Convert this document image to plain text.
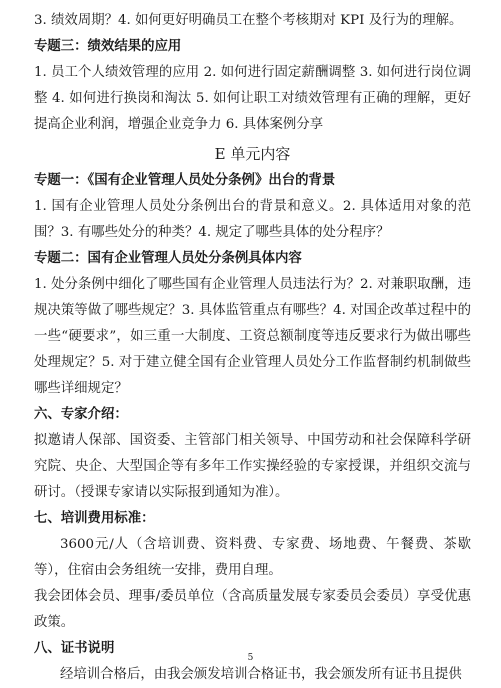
3. 绩效周期？4. 如何更好明确员工在整个考核期对 KPI 及行为的理解。

专题三：绩效结果的应用

1. 员工个人绩效管理的应用 2. 如何进行固定薪酬调整 3. 如何进行岗位调整 4. 如何进行换岗和淘汰 5. 如何让职工对绩效管理有正确的理解，更好提高企业利润，增强企业竞争力 6. 具体案例分享

E 单元内容

专题一：《国有企业管理人员处分条例》出台的背景

1. 国有企业管理人员处分条例出台的背景和意义。2. 具体适用对象的范围？3. 有哪些处分的种类？4. 规定了哪些具体的处分程序？

专题二：国有企业管理人员处分条例具体内容

1. 处分条例中细化了哪些国有企业管理人员违法行为？2. 对兼职取酬，违规决策等做了哪些规定？3. 具体监管重点有哪些？4. 对国企改革过程中的一些“硬要求”，如三重一大制度、工资总额制度等违反要求行为做出哪些处理规定？5. 对于建立健全国有企业管理人员处分工作监督制约机制做些哪些详细规定？

六、专家介绍：

拟邀请人保部、国资委、主管部门相关领导、中国劳动和社会保障科学研究院、央企、大型国企等有多年工作实操经验的专家授课，并组织交流与研讨。（授课专家请以实际报到通知为准）。

七、培训费用标准：

3600元/人（含培训费、资料费、专家费、场地费、午餐费、茶歇等），住宿由会务组统一安排，费用自理。

我会团体会员、理事/委员单位（含高质量发展专家委员会委员）享受优惠政策。

八、证书说明

经培训合格后，由我会颁发培训合格证书，我会颁发所有证书且提供

5
